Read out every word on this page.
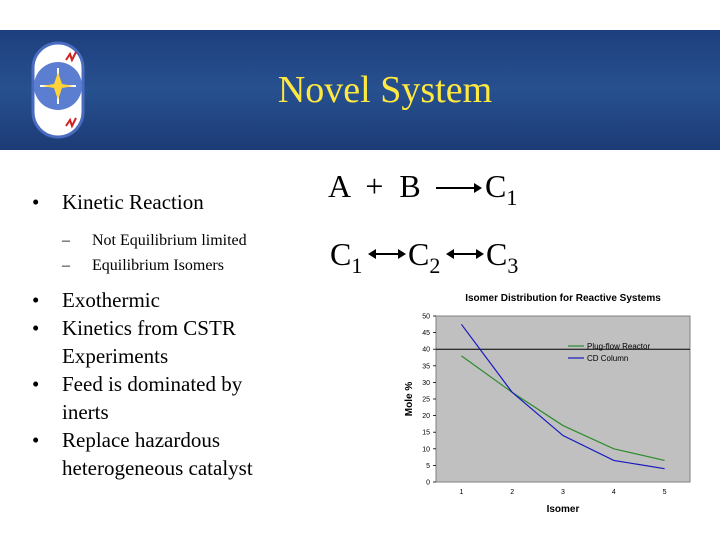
Novel System
• Kinetic Reaction
– Not Equilibrium limited
– Equilibrium Isomers
• Exothermic
• Kinetics from CSTR Experiments
• Feed is dominated by inerts
• Replace hazardous heterogeneous catalyst
A  +  B $C_1$
$C_1$ $C_2$ $C_3$
Isomer Distribution for Reactive Systems
0
5
10
15
20
25
30
35
40
45
50
1	2	3	4	5
Isomer
Mole %
Plug-flow Reactor
CD Column
